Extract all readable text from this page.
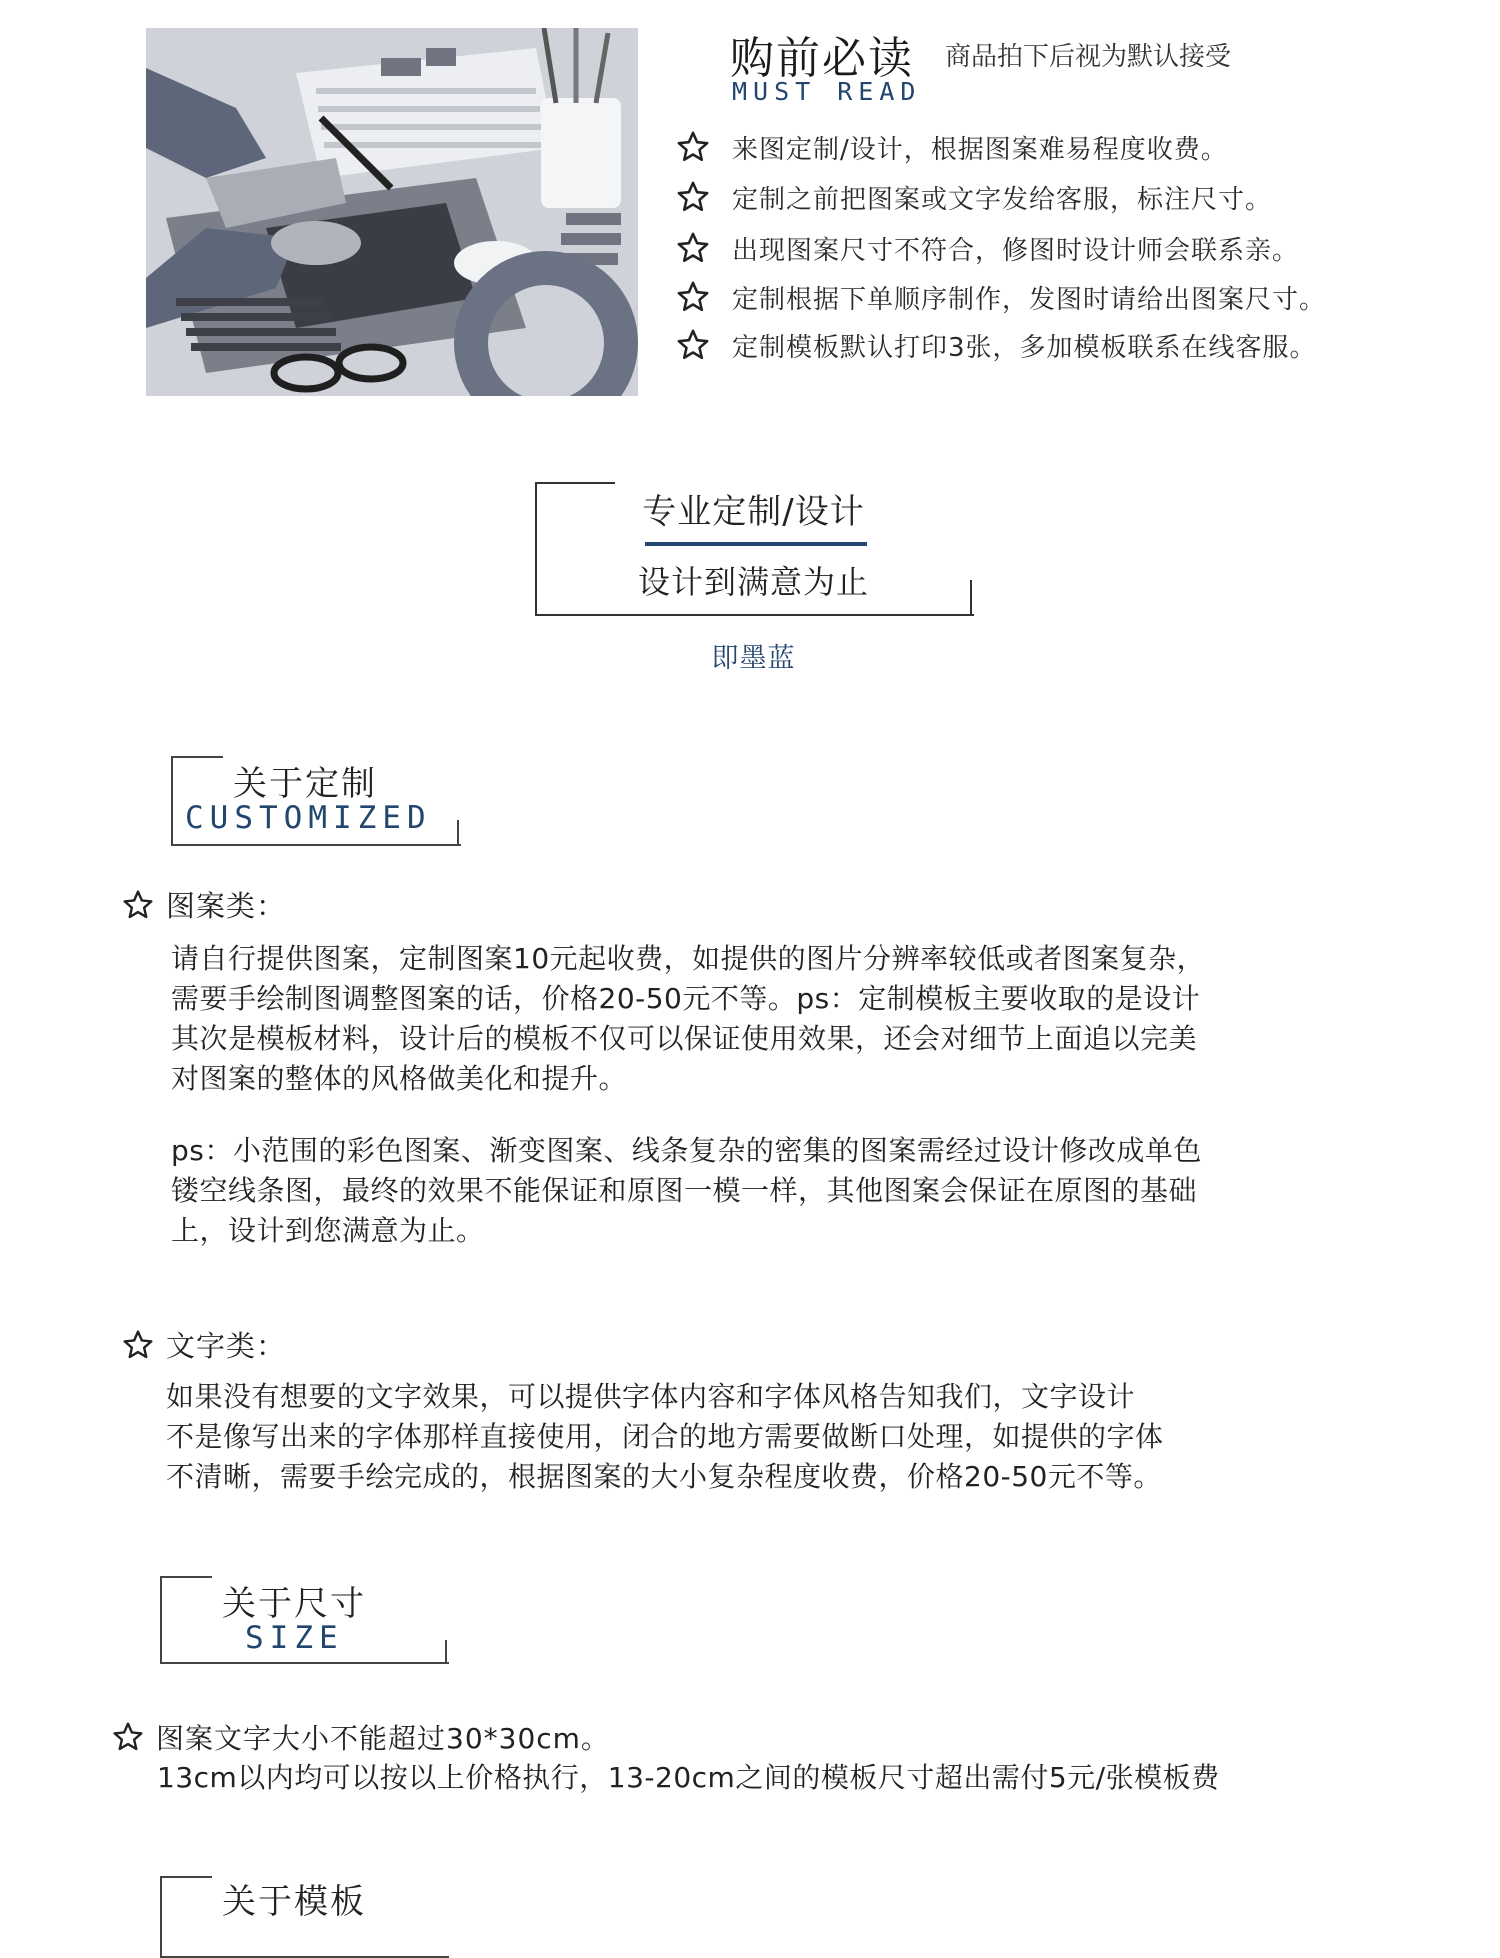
购前必读 商品拍下后视为默认接受
MUST READ
来图定制/设计，根据图案难易程度收费。
定制之前把图案或文字发给客服，标注尺寸。
出现图案尺寸不符合，修图时设计师会联系亲。
定制根据下单顺序制作，发图时请给出图案尺寸。
定制模板默认打印3张，多加模板联系在线客服。
专业定制/设计
设计到满意为止
即墨蓝
关于定制
CUSTOMIZED
图案类：
请自行提供图案，定制图案10元起收费，如提供的图片分辨率较低或者图案复杂，
需要手绘制图调整图案的话，价格20-50元不等。ps：定制模板主要收取的是设计
其次是模板材料，设计后的模板不仅可以保证使用效果，还会对细节上面追以完美
对图案的整体的风格做美化和提升。
ps：小范围的彩色图案、渐变图案、线条复杂的密集的图案需经过设计修改成单色
镂空线条图，最终的效果不能保证和原图一模一样，其他图案会保证在原图的基础
上，设计到您满意为止。
文字类：
如果没有想要的文字效果，可以提供字体内容和字体风格告知我们，文字设计
不是像写出来的字体那样直接使用，闭合的地方需要做断口处理，如提供的字体
不清晰，需要手绘完成的，根据图案的大小复杂程度收费，价格20-50元不等。
关于尺寸
SIZE
图案文字大小不能超过30*30cm。
13cm以内均可以按以上价格执行，13-20cm之间的模板尺寸超出需付5元/张模板费
关于模板
